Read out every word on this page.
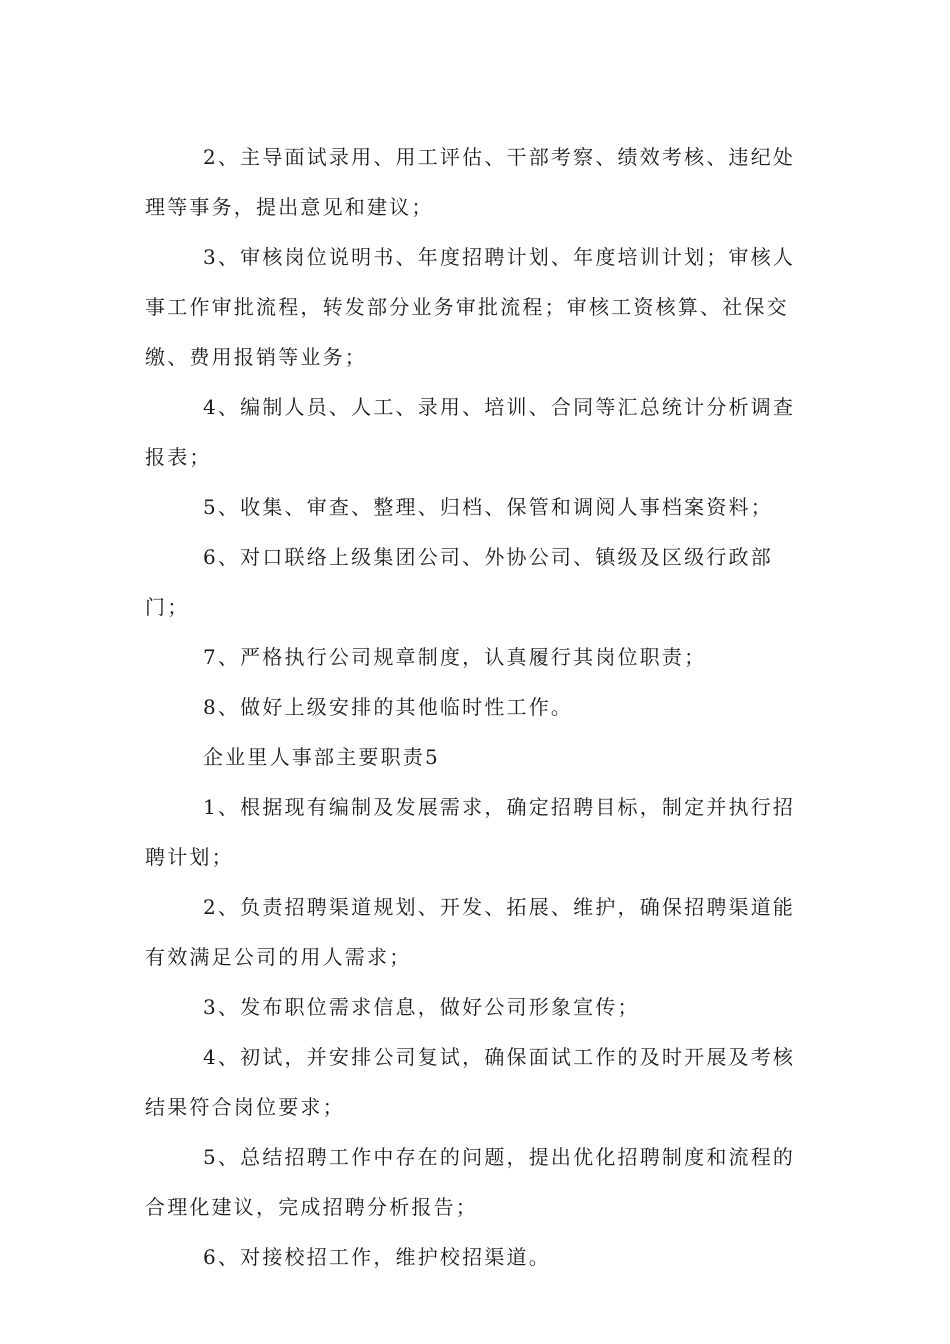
2、主导面试录用、用工评估、干部考察、绩效考核、违纪处理等事务，提出意见和建议；

3、审核岗位说明书、年度招聘计划、年度培训计划；审核人事工作审批流程，转发部分业务审批流程；审核工资核算、社保交缴、费用报销等业务；

4、编制人员、人工、录用、培训、合同等汇总统计分析调查报表；

5、收集、审查、整理、归档、保管和调阅人事档案资料；

6、对口联络上级集团公司、外协公司、镇级及区级行政部门；

7、严格执行公司规章制度，认真履行其岗位职责；

8、做好上级安排的其他临时性工作。

企业里人事部主要职责5

1、根据现有编制及发展需求，确定招聘目标，制定并执行招聘计划；

2、负责招聘渠道规划、开发、拓展、维护，确保招聘渠道能有效满足公司的用人需求；

3、发布职位需求信息，做好公司形象宣传；

4、初试，并安排公司复试，确保面试工作的及时开展及考核结果符合岗位要求；

5、总结招聘工作中存在的问题，提出优化招聘制度和流程的合理化建议，完成招聘分析报告；

6、对接校招工作，维护校招渠道。
